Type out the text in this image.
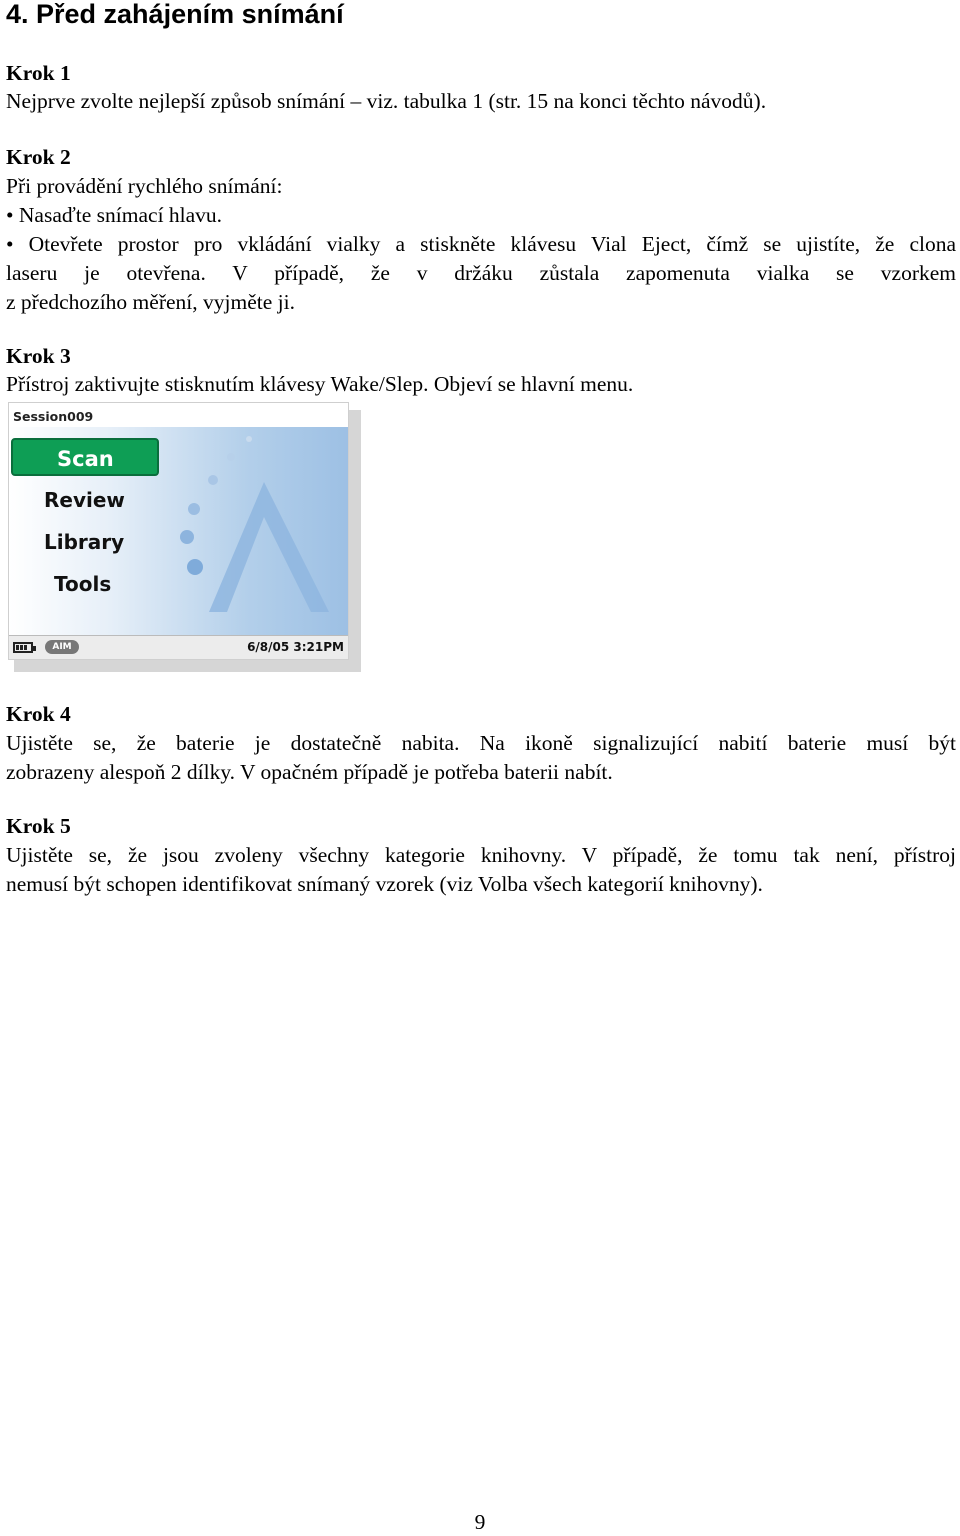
4. Před zahájením snímání
Krok 1
Nejprve zvolte nejlepší způsob snímání – viz. tabulka 1 (str. 15 na konci těchto návodů).
Krok 2
Při provádění rychlého snímání:
• Nasaďte snímací hlavu.
• Otevřete prostor pro vkládání vialky a stiskněte klávesu Vial Eject, čímž se ujistíte, že clona
laseru je otevřena. V případě, že v držáku zůstala zapomenuta vialka se vzorkem
z předchozího měření, vyjměte ji.
Krok 3
Přístroj zaktivujte stisknutím klávesy Wake/Slep. Objeví se hlavní menu.
Session009
Scan
Review
Library
Tools
AIM	6/8/05 3:21PM
Krok 4
Ujistěte se, že baterie je dostatečně nabita. Na ikoně signalizující nabití baterie musí být
zobrazeny alespoň 2 dílky. V opačném případě je potřeba baterii nabít.
Krok 5
Ujistěte se, že jsou zvoleny všechny kategorie knihovny. V případě, že tomu tak není, přístroj
nemusí být schopen identifikovat snímaný vzorek (viz Volba všech kategorií knihovny).
9
